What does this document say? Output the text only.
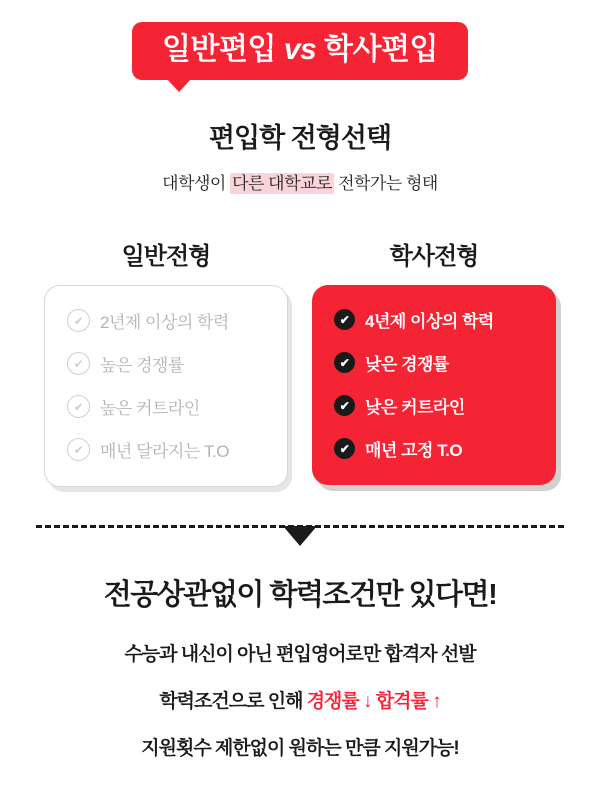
일반편입 vs 학사편입
편입학 전형선택
대학생이 다른 대학교로 전학가는 형태
일반전형
✔ 2년제 이상의 학력
✔ 높은 경쟁률
✔ 높은 커트라인
✔ 매년 달라지는 T.O
학사전형
✔ 4년제 이상의 학력
✔ 낮은 경쟁률
✔ 낮은 커트라인
✔ 매년 고정 T.O
전공상관없이 학력조건만 있다면!
수능과 내신이 아닌 편입영어로만 합격자 선발
학력조건으로 인해 경쟁률 ↓ 합격률 ↑
지원횟수 제한없이 원하는 만큼 지원가능!
